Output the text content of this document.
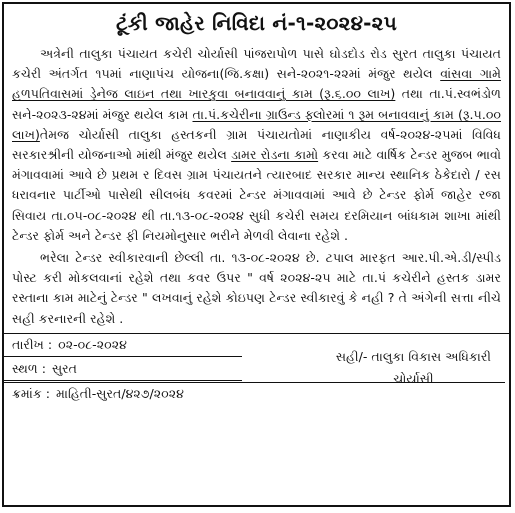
ટૂંકી જાહેર નિવિદા નં-૧-૨૦૨૪-૨૫

અત્રેની તાલુકા પંચાયત કચેરી ચોર્યાસી પાંજરાપોળ પાસે ઘોડદોડ રોડ સુરત તાલુકા પંચાયત કચેરી અંતર્ગત ૧૫માં નાણાપંચ યોજના(જિ.કક્ષા) સને-૨૦૨૧-૨૨માં મંજુર થયેલ વાંસવા ગામે હળપતિવાસમાં ડ્રેનેજ લાઇન તથા ખારકુવા બનાવવાનું કામ (રૂ.૬.૦૦ લાખ) તથા તા.પં.સ્વભંડોળ સને-૨૦૨૩-૨૪માં મંજુર થયેલ કામ તા.પં.કચેરીના ગ્રાઉન્ડ ફ્લોરમાં ૧ રૂમ બનાવવાનું કામ (રૂ.૫.૦૦ લાખ)તેમજ ચોર્યાસી તાલુકા હસ્તકની ગ્રામ પંચાયતોમાં નાણાકીય વર્ષ-૨૦૨૪-૨૫માં વિવિધ સરકારશ્રીની યોજનાઓ માંથી મંજુર થયેલ ડામર રોડના કામો કરવા માટે વાર્ષિક ટેન્ડર મુજબ ભાવો મંગાવવામાં આવે છે પ્રથમ ર દિવસ ગ્રામ પંચાયતને ત્યારબાદ સરકાર માન્ય સ્થાનિક ઠેકેદારો / રસ ધરાવનાર પાર્ટીઓ પાસેથી સીલબંધ કવરમાં ટેન્ડર મંગાવવામાં આવે છે ટેન્ડર ફોર્મ જાહેર રજા સિવાય તા.૦૫-૦૮-૨૦૨૪ થી તા.૧૩-૦૮-૨૦૨૪ સુધી કચેરી સમય દરમિયાન બાંધકામ શાખા માંથી ટેન્ડર ફોર્મ અને ટેન્ડર ફી નિયમોનુસાર ભરીને મેળવી લેવાના રહેશે .

ભરેલા ટેન્ડર સ્વીકારવાની છેલ્લી તા. ૧૩-૦૮-૨૦૨૪ છે. ટપાલ મારફત આર.પી.એ.ડી/સ્પીડ પોસ્ટ કરી મોકલવાનાં રહેશે તથા કવર ઉપર " વર્ષ ૨૦૨૪-૨૫ માટે તા.પં કચેરીને હસ્તક ડામર રસ્તાના કામ માટેનું ટેન્ડર " લખવાનું રહેશે કોઇપણ ટેન્ડર સ્વીકારવું કે નહી ? તે અંગેની સત્તા નીચે સહી કરનારની રહેશે .

તારીખ : ૦૨-૦૮-૨૦૨૪
સ્થળ : સુરત
ક્રમાંક : માહિતી-સુરત/૪૨૭/૨૦૨૪
સહી/- તાલુકા વિકાસ અધિકારી
ચોર્યાસી
